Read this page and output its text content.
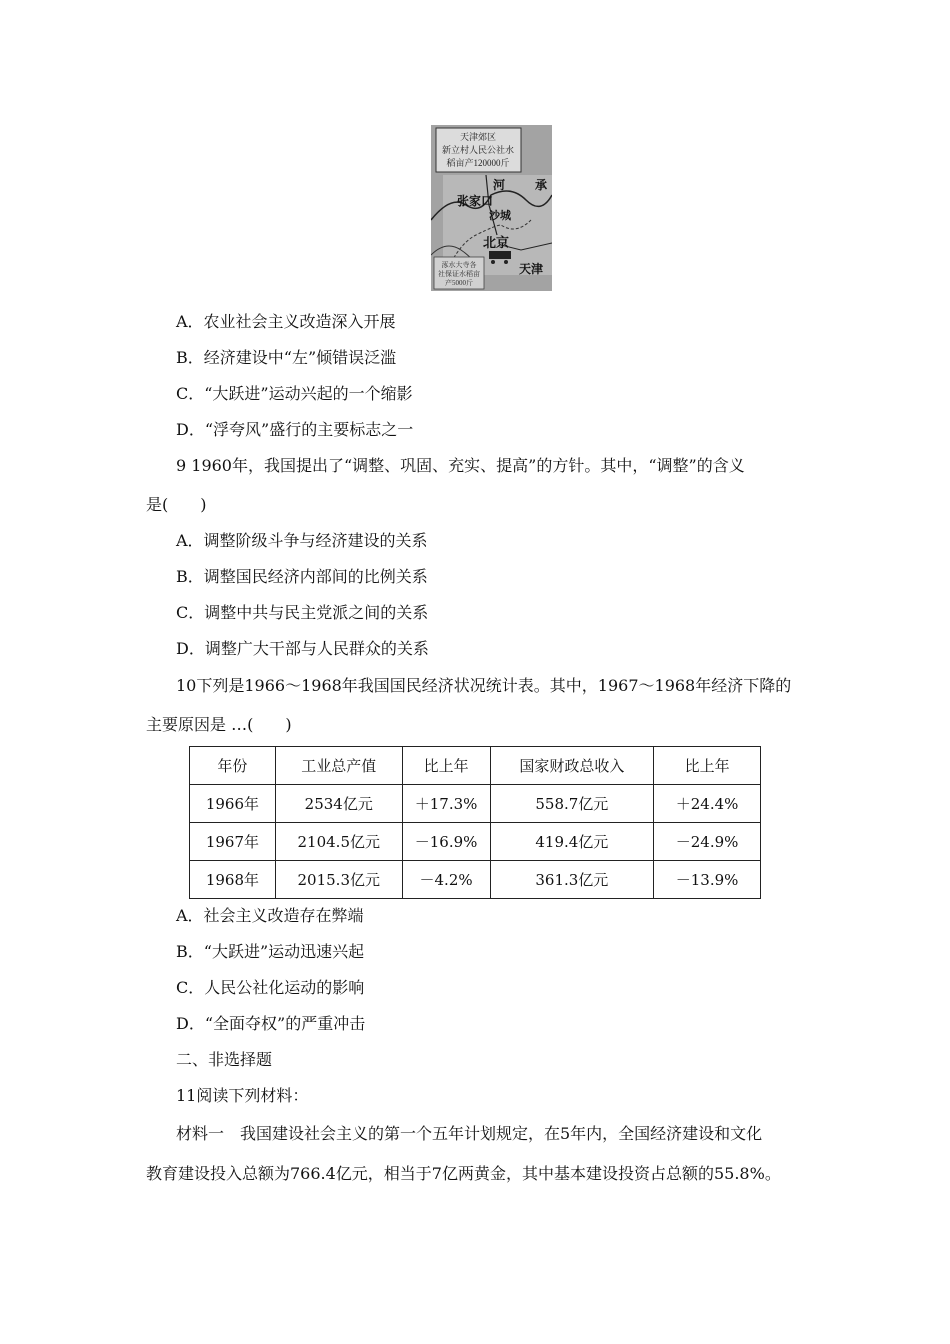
天津郊区
新立村人民公社水
稻亩产120000斤
河 承
张家口
沙城
北京
天津
涿水大寺各
社保证水稻亩
产5000斤
A．农业社会主义改造深入开展
B．经济建设中“左”倾错误泛滥
C．“大跃进”运动兴起的一个缩影
D．“浮夸风”盛行的主要标志之一
9 1960年，我国提出了“调整、巩固、充实、提高”的方针。其中，“调整”的含义
是(　　)
A．调整阶级斗争与经济建设的关系
B．调整国民经济内部间的比例关系
C．调整中共与民主党派之间的关系
D．调整广大干部与人民群众的关系
10下列是1966～1968年我国国民经济状况统计表。其中，1967～1968年经济下降的
主要原因是 …(　　)
年份	工业总产值	比上年	国家财政总收入	比上年
1966年	2534亿元	＋17.3%	558.7亿元	＋24.4%
1967年	2104.5亿元	－16.9%	419.4亿元	－24.9%
1968年	2015.3亿元	－4.2%	361.3亿元	－13.9%
A．社会主义改造存在弊端
B．“大跃进”运动迅速兴起
C．人民公社化运动的影响
D．“全面夺权”的严重冲击
二、非选择题
11阅读下列材料：
材料一　我国建设社会主义的第一个五年计划规定，在5年内，全国经济建设和文化
教育建设投入总额为766.4亿元，相当于7亿两黄金，其中基本建设投资占总额的55.8%。
